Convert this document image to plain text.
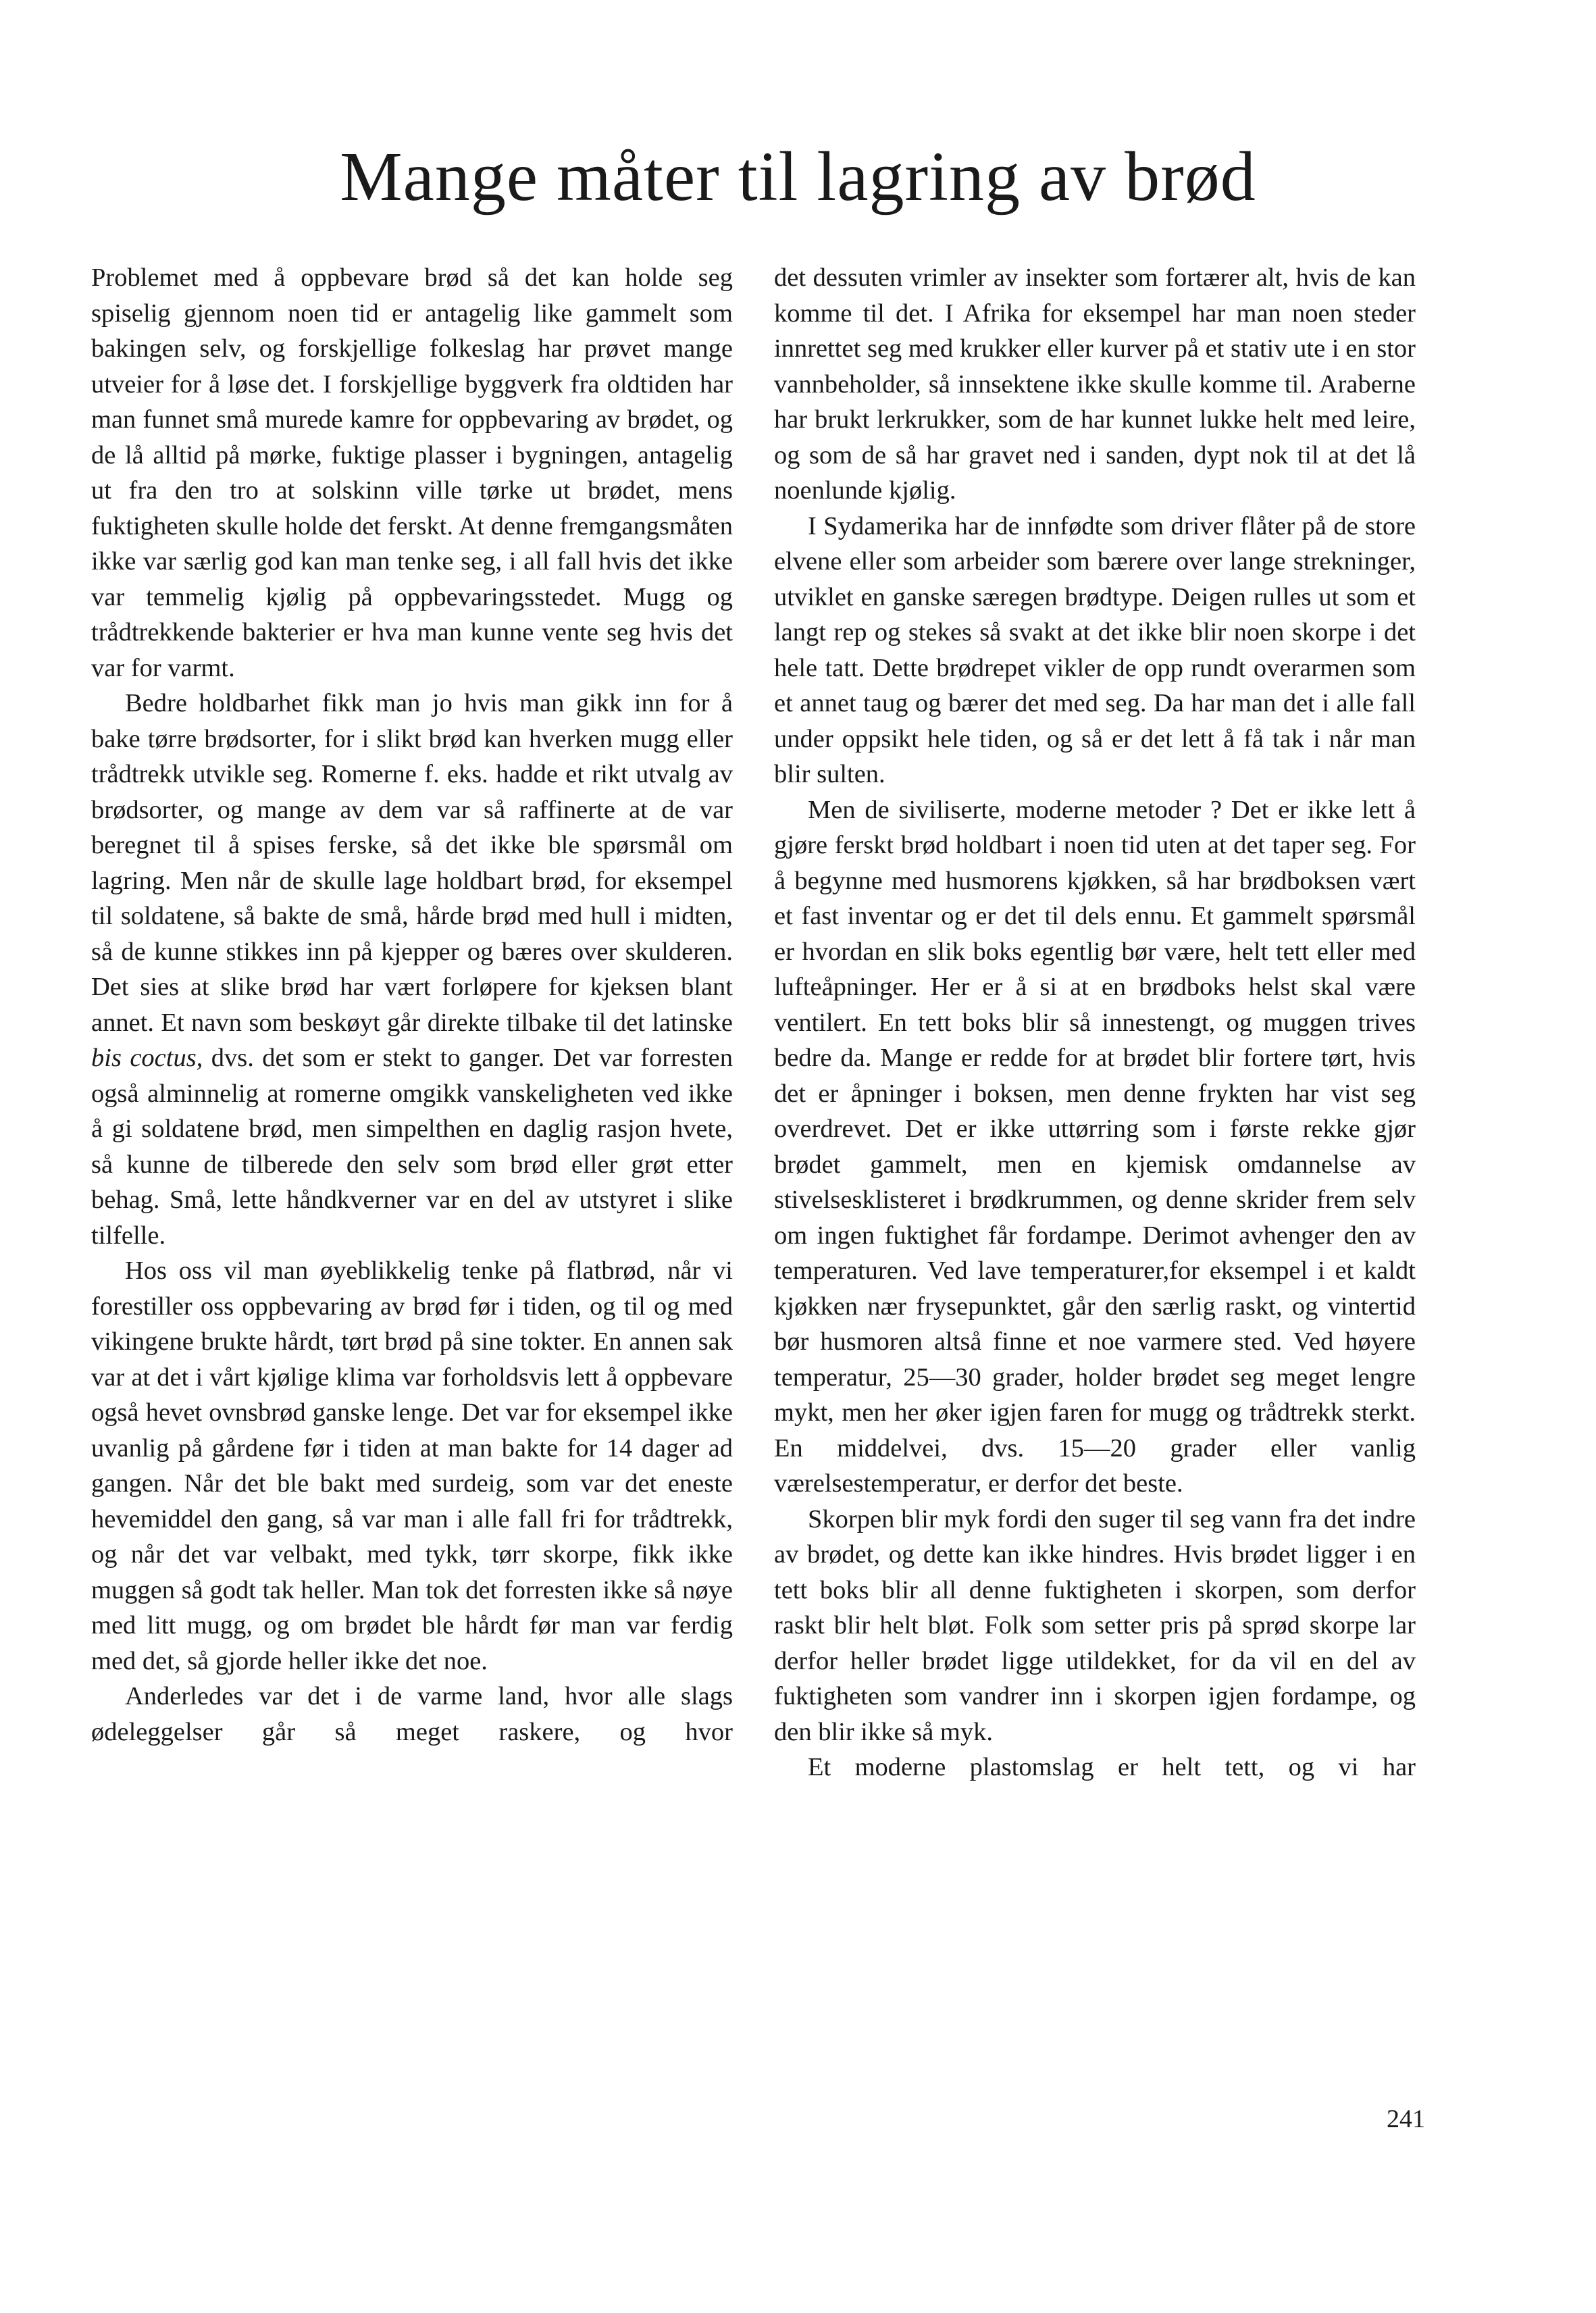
Mange måter til lagring av brød

Problemet med å oppbevare brød så det kan holde seg spiselig gjennom noen tid er antagelig like gammelt som bakingen selv, og forskjellige folkeslag har prøvet mange utveier for å løse det. I forskjellige byggverk fra oldtiden har man funnet små murede kamre for oppbevaring av brødet, og de lå alltid på mørke, fuktige plasser i bygningen, antagelig ut fra den tro at solskinn ville tørke ut brødet, mens fuktigheten skulle holde det ferskt. At denne fremgangsmåten ikke var særlig god kan man tenke seg, i all fall hvis det ikke var temmelig kjølig på oppbevaringsstedet. Mugg og trådtrekkende bakterier er hva man kunne vente seg hvis det var for varmt.

Bedre holdbarhet fikk man jo hvis man gikk inn for å bake tørre brødsorter, for i slikt brød kan hverken mugg eller trådtrekk utvikle seg. Romerne f. eks. hadde et rikt utvalg av brødsorter, og mange av dem var så raffinerte at de var beregnet til å spises ferske, så det ikke ble spørsmål om lagring. Men når de skulle lage holdbart brød, for eksempel til soldatene, så bakte de små, hårde brød med hull i midten, så de kunne stikkes inn på kjepper og bæres over skulderen. Det sies at slike brød har vært forløpere for kjeksen blant annet. Et navn som beskøyt går direkte tilbake til det latinske bis coctus, dvs. det som er stekt to ganger. Det var forresten også alminnelig at romerne omgikk vanskeligheten ved ikke å gi soldatene brød, men simpelthen en daglig rasjon hvete, så kunne de tilberede den selv som brød eller grøt etter behag. Små, lette håndkverner var en del av utstyret i slike tilfelle.

Hos oss vil man øyeblikkelig tenke på flatbrød, når vi forestiller oss oppbevaring av brød før i tiden, og til og med vikingene brukte hårdt, tørt brød på sine tokter. En annen sak var at det i vårt kjølige klima var forholdsvis lett å oppbevare også hevet ovnsbrød ganske lenge. Det var for eksempel ikke uvanlig på gårdene før i tiden at man bakte for 14 dager ad gangen. Når det ble bakt med surdeig, som var det eneste hevemiddel den gang, så var man i alle fall fri for trådtrekk, og når det var velbakt, med tykk, tørr skorpe, fikk ikke muggen så godt tak heller. Man tok det forresten ikke så nøye med litt mugg, og om brødet ble hårdt før man var ferdig med det, så gjorde heller ikke det noe.

Anderledes var det i de varme land, hvor alle slags ødeleggelser går så meget raskere, og hvor

det dessuten vrimler av insekter som fortærer alt, hvis de kan komme til det. I Afrika for eksempel har man noen steder innrettet seg med krukker eller kurver på et stativ ute i en stor vannbeholder, så innsektene ikke skulle komme til. Araberne har brukt lerkrukker, som de har kunnet lukke helt med leire, og som de så har gravet ned i sanden, dypt nok til at det lå noenlunde kjølig.

I Sydamerika har de innfødte som driver flåter på de store elvene eller som arbeider som bærere over lange strekninger, utviklet en ganske særegen brødtype. Deigen rulles ut som et langt rep og stekes så svakt at det ikke blir noen skorpe i det hele tatt. Dette brødrepet vikler de opp rundt overarmen som et annet taug og bærer det med seg. Da har man det i alle fall under oppsikt hele tiden, og så er det lett å få tak i når man blir sulten.

Men de siviliserte, moderne metoder ? Det er ikke lett å gjøre ferskt brød holdbart i noen tid uten at det taper seg. For å begynne med husmorens kjøkken, så har brødboksen vært et fast inventar og er det til dels ennu. Et gammelt spørsmål er hvordan en slik boks egentlig bør være, helt tett eller med lufteåpninger. Her er å si at en brødboks helst skal være ventilert. En tett boks blir så innestengt, og muggen trives bedre da. Mange er redde for at brødet blir fortere tørt, hvis det er åpninger i boksen, men denne frykten har vist seg overdrevet. Det er ikke uttørring som i første rekke gjør brødet gammelt, men en kjemisk omdannelse av stivelsesklisteret i brødkrummen, og denne skrider frem selv om ingen fuktighet får fordampe. Derimot avhenger den av temperaturen. Ved lave temperaturer,for eksempel i et kaldt kjøkken nær frysepunktet, går den særlig raskt, og vintertid bør husmoren altså finne et noe varmere sted. Ved høyere temperatur, 25—30 grader, holder brødet seg meget lengre mykt, men her øker igjen faren for mugg og trådtrekk sterkt. En middelvei, dvs. 15—20 grader eller vanlig værelsestemperatur, er derfor det beste.

Skorpen blir myk fordi den suger til seg vann fra det indre av brødet, og dette kan ikke hindres. Hvis brødet ligger i en tett boks blir all denne fuktigheten i skorpen, som derfor raskt blir helt bløt. Folk som setter pris på sprød skorpe lar derfor heller brødet ligge utildekket, for da vil en del av fuktigheten som vandrer inn i skorpen igjen fordampe, og den blir ikke så myk.

Et moderne plastomslag er helt tett, og vi har

241
